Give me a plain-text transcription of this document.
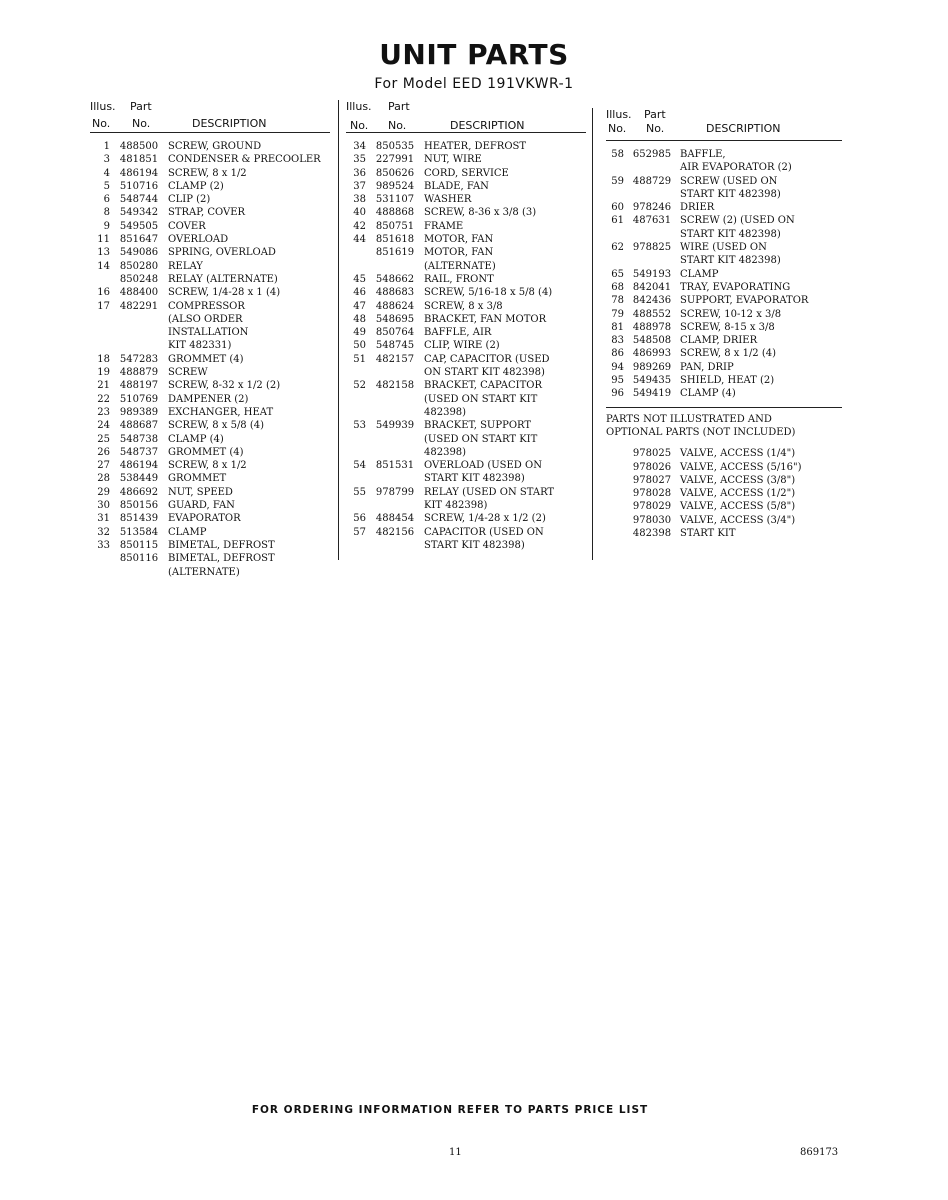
UNIT PARTS
For Model EED 191VKWR-1
Illus. Part
No. No.	DESCRIPTION
1 488500 SCREW, GROUND
3 481851 CONDENSER & PRECOOLER
4 486194 SCREW, 8 x 1/2
5 510716 CLAMP (2)
6 548744 CLIP (2)
8 549342 STRAP, COVER
9 549505 COVER
11 851647 OVERLOAD
13 549086 SPRING, OVERLOAD
14 850280 RELAY
850248 RELAY (ALTERNATE)
16 488400 SCREW, 1/4-28 x 1 (4)
17 482291 COMPRESSOR
(ALSO ORDER
INSTALLATION
KIT 482331)
18 547283 GROMMET (4)
19 488879 SCREW
21 488197 SCREW, 8-32 x 1/2 (2)
22 510769 DAMPENER (2)
23 989389 EXCHANGER, HEAT
24 488687 SCREW, 8 x 5/8 (4)
25 548738 CLAMP (4)
26 548737 GROMMET (4)
27 486194 SCREW, 8 x 1/2
28 538449 GROMMET
29 486692 NUT, SPEED
30 850156 GUARD, FAN
31 851439 EVAPORATOR
32 513584 CLAMP
33 850115 BIMETAL, DEFROST
850116 BIMETAL, DEFROST
(ALTERNATE)
Illus. Part
No. No.	DESCRIPTION
34 850535 HEATER, DEFROST
35 227991 NUT, WIRE
36 850626 CORD, SERVICE
37 989524 BLADE, FAN
38 531107 WASHER
40 488868 SCREW, 8-36 x 3/8 (3)
42 850751 FRAME
44 851618 MOTOR, FAN
851619 MOTOR, FAN
(ALTERNATE)
45 548662 RAIL, FRONT
46 488683 SCREW, 5/16-18 x 5/8 (4)
47 488624 SCREW, 8 x 3/8
48 548695 BRACKET, FAN MOTOR
49 850764 BAFFLE, AIR
50 548745 CLIP, WIRE (2)
51 482157 CAP, CAPACITOR (USED
ON START KIT 482398)
52 482158 BRACKET, CAPACITOR
(USED ON START KIT
482398)
53 549939 BRACKET, SUPPORT
(USED ON START KIT
482398)
54 851531 OVERLOAD (USED ON
START KIT 482398)
55 978799 RELAY (USED ON START
KIT 482398)
56 488454 SCREW, 1/4-28 x 1/2 (2)
57 482156 CAPACITOR (USED ON
START KIT 482398)
Illus. Part
No. No.	DESCRIPTION
58 652985 BAFFLE,
AIR EVAPORATOR (2)
59 488729 SCREW (USED ON
START KIT 482398)
60 978246 DRIER
61 487631 SCREW (2) (USED ON
START KIT 482398)
62 978825 WIRE (USED ON
START KIT 482398)
65 549193 CLAMP
68 842041 TRAY, EVAPORATING
78 842436 SUPPORT, EVAPORATOR
79 488552 SCREW, 10-12 x 3/8
81 488978 SCREW, 8-15 x 3/8
83 548508 CLAMP, DRIER
86 486993 SCREW, 8 x 1/2 (4)
94 989269 PAN, DRIP
95 549435 SHIELD, HEAT (2)
96 549419 CLAMP (4)
PARTS NOT ILLUSTRATED AND
OPTIONAL PARTS (NOT INCLUDED)
978025 VALVE, ACCESS (1/4")
978026 VALVE, ACCESS (5/16")
978027 VALVE, ACCESS (3/8")
978028 VALVE, ACCESS (1/2")
978029 VALVE, ACCESS (5/8")
978030 VALVE, ACCESS (3/4")
482398 START KIT
FOR ORDERING INFORMATION REFER TO PARTS PRICE LIST
11	869173
